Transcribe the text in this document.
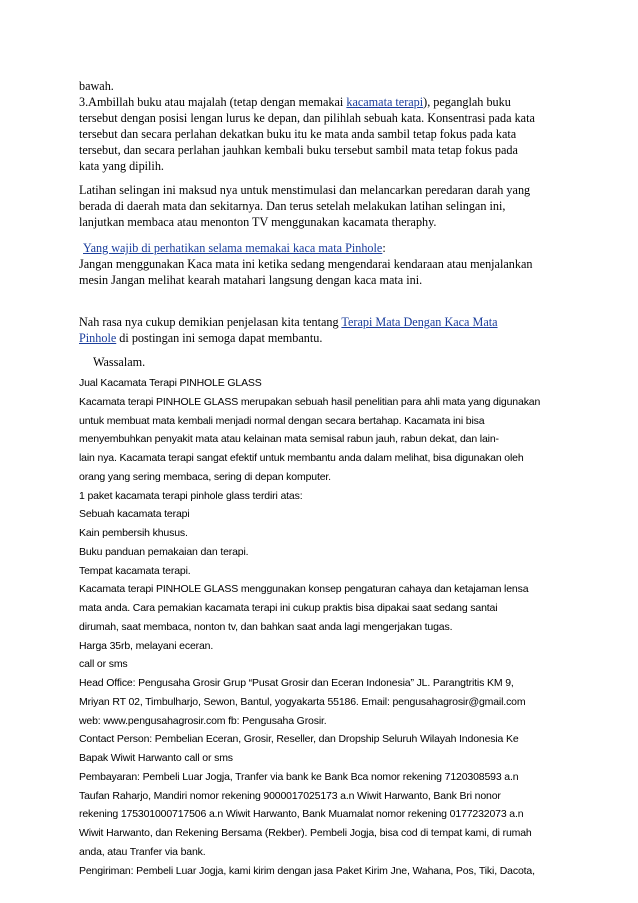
bawah.

3.Ambillah buku atau majalah (tetap dengan memakai kacamata terapi), peganglah buku

tersebut dengan posisi lengan lurus ke depan, dan pilihlah sebuah kata. Konsentrasi pada kata

tersebut dan secara perlahan dekatkan buku itu ke mata anda sambil tetap fokus pada kata

tersebut, dan secara perlahan jauhkan kembali buku tersebut sambil mata tetap fokus pada

kata yang dipilih.

Latihan selingan ini maksud nya untuk menstimulasi dan melancarkan peredaran darah yang

berada di daerah mata dan sekitarnya. Dan terus setelah melakukan latihan selingan ini,

lanjutkan membaca atau menonton TV menggunakan kacamata theraphy.

Yang wajib di perhatikan selama memakai kaca mata Pinhole:

Jangan menggunakan Kaca mata ini ketika sedang mengendarai kendaraan atau menjalankan

mesin Jangan melihat kearah matahari langsung dengan kaca mata ini.

Nah rasa nya cukup demikian penjelasan kita tentang Terapi Mata Dengan Kaca Mata

Pinhole di postingan ini semoga dapat membantu.

Wassalam.

Jual Kacamata Terapi PINHOLE GLASS

Kacamata terapi PINHOLE GLASS merupakan sebuah hasil penelitian para ahli mata yang digunakan

untuk membuat mata kembali menjadi normal dengan secara bertahap. Kacamata ini bisa

menyembuhkan penyakit mata atau kelainan mata semisal rabun jauh, rabun dekat, dan lain-

lain nya. Kacamata terapi sangat efektif untuk membantu anda dalam melihat, bisa digunakan oleh

orang yang sering membaca, sering di depan komputer.

1 paket kacamata terapi pinhole glass terdiri atas:

Sebuah kacamata terapi

Kain pembersih khusus.

Buku panduan pemakaian dan terapi.

Tempat kacamata terapi.

Kacamata terapi PINHOLE GLASS menggunakan konsep pengaturan cahaya dan ketajaman lensa

mata anda. Cara pemakian kacamata terapi ini cukup praktis bisa dipakai saat sedang santai

dirumah, saat membaca, nonton tv, dan bahkan saat anda lagi mengerjakan tugas.

Harga 35rb, melayani eceran.

call or sms

Head Office: Pengusaha Grosir Grup “Pusat Grosir dan Eceran Indonesia” JL. Parangtritis KM 9,

Mriyan RT 02, Timbulharjo, Sewon, Bantul, yogyakarta 55186. Email: pengusahagrosir@gmail.com

web: www.pengusahagrosir.com fb: Pengusaha Grosir.

Contact Person: Pembelian Eceran, Grosir, Reseller, dan Dropship Seluruh Wilayah Indonesia Ke

Bapak Wiwit Harwanto call or sms

Pembayaran: Pembeli Luar Jogja, Tranfer via bank ke Bank Bca nomor rekening 7120308593 a.n

Taufan Raharjo, Mandiri nomor rekening 9000017025173 a.n Wiwit Harwanto, Bank Bri nonor

rekening 175301000717506 a.n Wiwit Harwanto, Bank Muamalat nomor rekening 0177232073 a.n

Wiwit Harwanto, dan Rekening Bersama (Rekber). Pembeli Jogja, bisa cod di tempat kami, di rumah

anda, atau Tranfer via bank.

Pengiriman: Pembeli Luar Jogja, kami kirim dengan jasa Paket Kirim Jne, Wahana, Pos, Tiki, Dacota,
